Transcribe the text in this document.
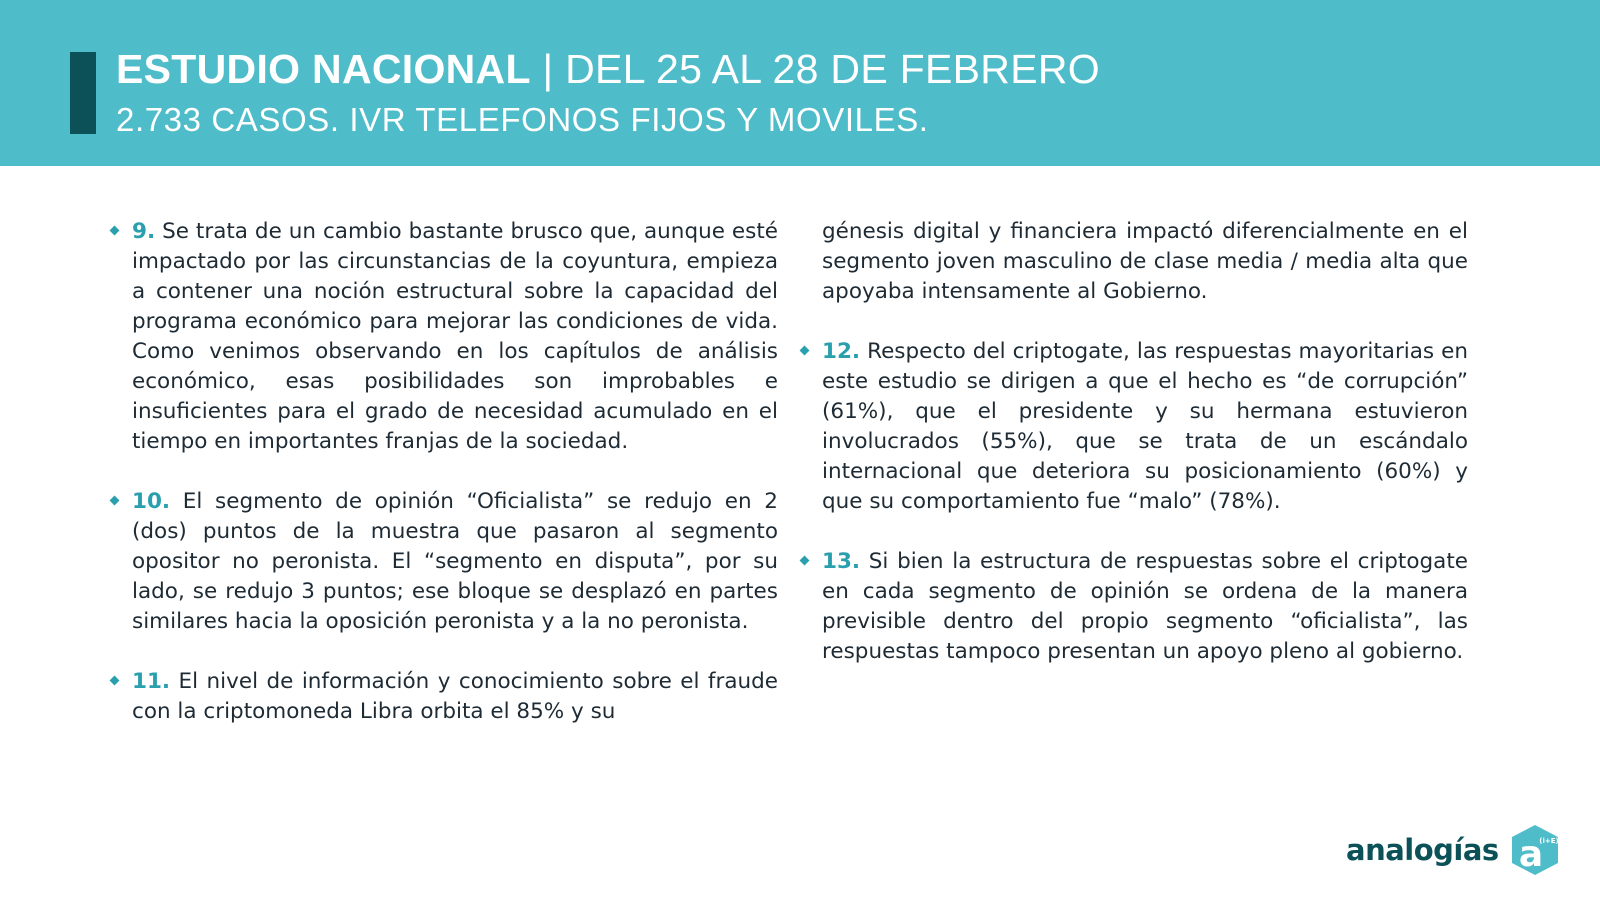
ESTUDIO NACIONAL | DEL 25 AL 28 DE FEBRERO
2.733 CASOS. IVR TELEFONOS FIJOS Y MOVILES.
9. Se trata de un cambio bastante brusco que, aunque esté impactado por las circunstancias de la coyuntura, empieza a contener una noción estructural sobre la capacidad del programa económico para mejorar las condiciones de vida. Como venimos observando en los capítulos de análisis económico, esas posibilidades son improbables e insuficientes para el grado de necesidad acumulado en el tiempo en importantes franjas de la sociedad.
10. El segmento de opinión “Oficialista” se redujo en 2 (dos) puntos de la muestra que pasaron al segmento opositor no peronista. El “segmento en disputa”, por su lado, se redujo 3 puntos; ese bloque se desplazó en partes similares hacia la oposición peronista y a la no peronista.
11. El nivel de información y conocimiento sobre el fraude con la criptomoneda Libra orbita el 85% y su
génesis digital y financiera impactó diferencialmente en el segmento joven masculino de clase media / media alta que apoyaba intensamente al Gobierno.
12. Respecto del criptogate, las respuestas mayoritarias en este estudio se dirigen a que el hecho es “de corrupción” (61%), que el presidente y su hermana estuvieron involucrados (55%), que se trata de un escándalo internacional que deteriora su posicionamiento (60%) y que su comportamiento fue “malo” (78%).
13. Si bien la estructura de respuestas sobre el criptogate en cada segmento de opinión se ordena de la manera previsible dentro del propio segmento “oficialista”, las respuestas tampoco presentan un apoyo pleno al gobierno.
analogías a
(i+E)
